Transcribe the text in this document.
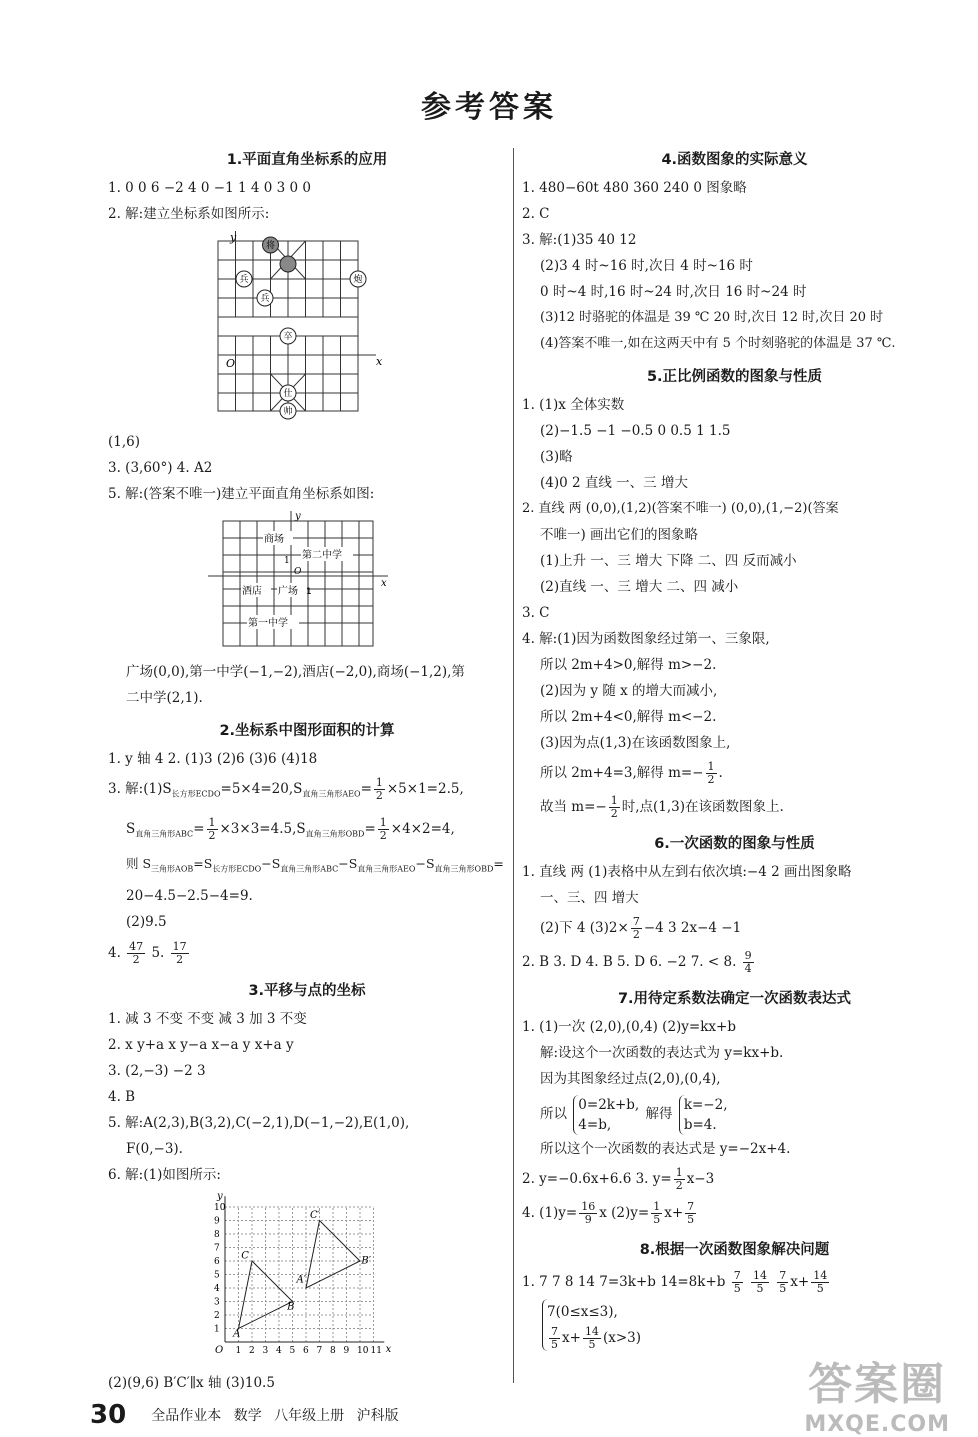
参考答案
1.平面直角坐标系的应用
1. 0 0 6 −2 4 0 −1 1 4 0 3 0 0
2. 解:建立坐标系如图所示:
y
x
O
将
炮
兵
兵
卒
仕
帅
(1,6)
3. (3,60°) 4. A2
5. 解:(答案不唯一)建立平面直角坐标系如图:
y
x
O
1
商场
第二中学
酒店 广场 1
第一中学
广场(0,0),第一中学(−1,−2),酒店(−2,0),商场(−1,2),第
二中学(2,1).
2.坐标系中图形面积的计算
1. y 轴 4 2. (1)3 (2)6 (3)6 (4)18
3. 解$:(1)S_{长方形ECDO}=5\times 4=20,S_{直角三角形AEO}= \frac{1}{2} \times 5\times 1=2.5$,
$S_{直角三角形ABC}= \frac{1}{2} \times 3\times 3=4.5,S_{直角三角形OBD}= \frac{1}{2} \times 4\times 2=4$,
则 $S_{三角形AOB}=S_{长方形ECDO}-S_{直角三角形ABC}-S_{直角三角形AEO}-S_{直角三角形OBD}=$
20−4.5−2.5−4=9.
(2)9.5
4. $\frac{47}{2} 5$. $\frac{17}{2}$
3.平移与点的坐标
1. 减 3 不变 不变 减 3 加 3 不变
2. x y+a x y−a x−a y x+a y
3. (2,−3) −2 3
4. B
5. 解:A(2,3),B(3,2),C(−2,1),D(−1,−2),E(1,0),
F(0,−3).
6. 解:(1)如图所示:
1 2 3 4 5 6 7 8 9 10 11
1
2
3
4
5
6
7
8
9
10
O	x
y
A
C
B
A′
C′
B′
(2)(9,6) B′C′∥x 轴 (3)10.5
4.函数图象的实际意义
1. 480−60t 480 360 240 0 图象略
2. C
3. 解:(1)35 40 12
(2)3 4 时~16 时,次日 4 时~16 时
0 时~4 时,16 时~24 时,次日 16 时~24 时
(3)12 时骆驼的体温是 39 ℃ 20 时,次日 12 时,次日 20 时
(4)答案不唯一,如在这两天中有 5 个时刻骆驼的体温是 37 ℃.
5.正比例函数的图象与性质
1. (1)x 全体实数
(2)−1.5 −1 −0.5 0 0.5 1 1.5
(3)略
(4)0 2 直线 一、三 增大
2. 直线 两 (0,0),(1,2)(答案不唯一) (0,0),(1,−2)(答案
不唯一) 画出它们的图象略
(1)上升 一、三 增大 下降 二、四 反而减小
(2)直线 一、三 增大 二、四 减小
3. C
4. 解:(1)因为函数图象经过第一、三象限,
所以 2m+4>0,解得 m>−2.
(2)因为 y 随 x 的增大而减小,
所以 2m+4<0,解得 m<−2.
(3)因为点(1,3)在该函数图象上,
所以 2m+4=3,解得 $m=- \frac{1}{2}$ .
故当 $m=- \frac{1}{2}$ 时,点(1,3)在该函数图象上.
6.一次函数的图象与性质
1. 直线 两 (1)表格中从左到右依次填:−4 2 画出图象略
一、三、四 增大
(2)下 4 $(3)2\times \frac{7}{2} -4$ 3 2x−4 −1
2. B 3. D 4. B 5. D 6. −2 7. < 8. $\frac{9}{4}$
7.用待定系数法确定一次函数表达式
1. (1)一次 (2,0),(0,4) (2)y=kx+b
解:设这个一次函数的表达式为 y=kx+b.
因为其图象经过点(2,0),(0,4),
所以 0=2k+b,
4=b, 解得 k=−2,
b=4.
所以这个一次函数的表达式是 y=−2x+4.
2. y=−0.6x+6.6 3. $y= \frac{1}{2} x-3$
4. $(1)y= \frac{16}{9}$ x $(2)y= \frac{1}{5} x+ \frac{7}{5}$
8.根据一次函数图象解决问题
1. 7 7 8 14 7=3k+b $14=8k+b \frac{7}{5}$
$\frac{14}{5}$
$\frac{7}{5} x+ \frac{14}{5}$
7(0≤x≤3),

$\frac{7}{5} x+ \frac{14}{5} (x>3)$
30 全品作业本 数学 八年级上册 沪科版
答案圈
MXQE.COM
